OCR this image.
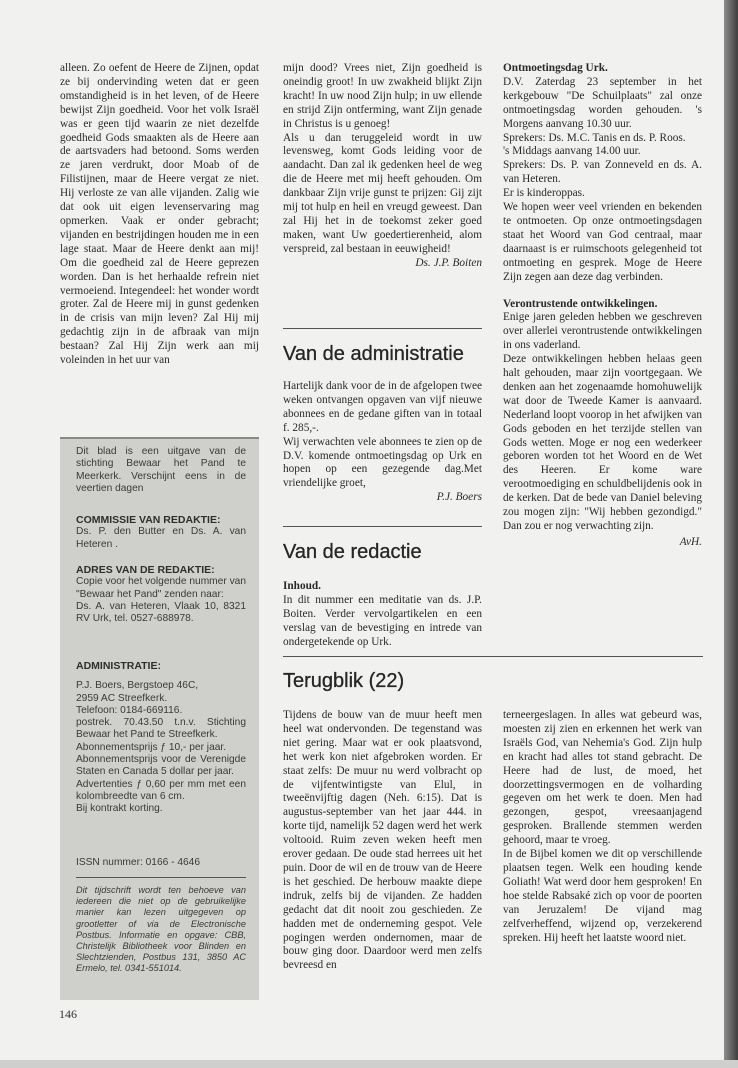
alleen. Zo oefent de Heere de Zijnen, opdat ze bij ondervinding weten dat er geen omstandigheid is in het leven, of de Heere bewijst Zijn goedheid. Voor het volk Israël was er geen tijd waarin ze niet dezelfde goedheid Gods smaakten als de Heere aan de aartsvaders had betoond. Soms werden ze jaren verdrukt, door Moab of de Filistijnen, maar de Heere vergat ze niet. Hij verloste ze van alle vijanden. Zalig wie dat ook uit eigen levenservaring mag opmerken. Vaak er onder gebracht; vijanden en bestrijdingen houden me in een lage staat. Maar de Heere denkt aan mij! Om die goedheid zal de Heere geprezen worden. Dan is het herhaalde refrein niet vermoeiend. Integendeel: het wonder wordt groter. Zal de Heere mij in gunst gedenken in de crisis van mijn leven? Zal Hij mij gedachtig zijn in de afbraak van mijn bestaan? Zal Hij Zijn werk aan mij voleinden in het uur van

mijn dood? Vrees niet, Zijn goedheid is oneindig groot! In uw zwakheid blijkt Zijn kracht! In uw nood Zijn hulp; in uw ellende en strijd Zijn ontferming, want Zijn genade in Christus is u genoeg!

Als u dan teruggeleid wordt in uw levensweg, komt Gods leiding voor de aandacht. Dan zal ik gedenken heel de weg die de Heere met mij heeft gehouden. Om dankbaar Zijn vrije gunst te prijzen: Gij zijt mij tot hulp en heil en vreugd geweest. Dan zal Hij het in de toekomst zeker goed maken, want Uw goedertierenheid, alom verspreid, zal bestaan in eeuwigheid!

Ds. J.P. Boiten

Van de administratie

Hartelijk dank voor de in de afgelopen twee weken ontvangen opgaven van vijf nieuwe abonnees en de gedane giften van in totaal f. 285,-.

Wij verwachten vele abonnees te zien op de D.V. komende ontmoetingsdag op Urk en hopen op een gezegende dag.Met vriendelijke groet,

P.J. Boers

Van de redactie

Inhoud.

In dit nummer een meditatie van ds. J.P. Boiten. Verder vervolgartikelen en een verslag van de bevestiging en intrede van ondergetekende op Urk.

Ontmoetingsdag Urk.

D.V. Zaterdag 23 september in het kerkgebouw "De Schuilplaats" zal onze ontmoetingsdag worden gehouden. 's Morgens aanvang 10.30 uur.

Sprekers: Ds. M.C. Tanis en ds. P. Roos.

's Middags aanvang 14.00 uur.

Sprekers: Ds. P. van Zonneveld en ds. A. van Heteren.

Er is kinderoppas.

We hopen weer veel vrienden en bekenden te ontmoeten. Op onze ontmoetingsdagen staat het Woord van God centraal, maar daarnaast is er ruimschoots gelegenheid tot ontmoeting en gesprek. Moge de Heere Zijn zegen aan deze dag verbinden.

Verontrustende ontwikkelingen.

Enige jaren geleden hebben we geschreven over allerlei verontrustende ontwikkelingen in ons vaderland.

Deze ontwikkelingen hebben helaas geen halt gehouden, maar zijn voortgegaan. We denken aan het zogenaamde homohuwelijk wat door de Tweede Kamer is aanvaard. Nederland loopt voorop in het afwijken van Gods geboden en het terzijde stellen van Gods wetten. Moge er nog een wederkeer geboren worden tot het Woord en de Wet des Heeren. Er kome ware verootmoediging en schuldbelijdenis ook in de kerken. Dat de bede van Daniel beleving zou mogen zijn: "Wij hebben gezondigd." Dan zou er nog verwachting zijn.

AvH.

Terugblik (22)

Tijdens de bouw van de muur heeft men heel wat ondervonden. De tegenstand was niet gering. Maar wat er ook plaatsvond, het werk kon niet afgebroken worden. Er staat zelfs: De muur nu werd volbracht op de vijfentwintigste van Elul, in tweeënvijftig dagen (Neh. 6:15). Dat is augustus-september van het jaar 444. in korte tijd, namelijk 52 dagen werd het werk voltooid. Ruim zeven weken heeft men erover gedaan. De oude stad herrees uit het puin. Door de wil en de trouw van de Heere is het geschied. De herbouw maakte diepe indruk, zelfs bij de vijanden. Ze hadden gedacht dat dit nooit zou geschieden. Ze hadden met de onderneming gespot. Vele pogingen werden ondernomen, maar de bouw ging door. Daardoor werd men zelfs bevreesd en

terneergeslagen. In alles wat gebeurd was, moesten zij zien en erkennen het werk van Israëls God, van Nehemia's God. Zijn hulp en kracht had alles tot stand gebracht. De Heere had de lust, de moed, het doorzettingsvermogen en de volharding gegeven om het werk te doen. Men had gezongen, gespot, vreesaanjagend gesproken. Brallende stemmen werden gehoord, maar te vroeg.

In de Bijbel komen we dit op verschillende plaatsen tegen. Welk een houding kende Goliath! Wat werd door hem gesproken! En hoe stelde Rabsaké zich op voor de poorten van Jeruzalem! De vijand mag zelfverheffend, wijzend op, verzekerend spreken. Hij heeft het laatste woord niet.

Dit blad is een uitgave van de stichting Bewaar het Pand te Meerkerk. Verschijnt eens in de veertien dagen

COMMISSIE VAN REDAKTIE:

Ds. P. den Butter en Ds. A. van Heteren .

ADRES VAN DE REDAKTIE:

Copie voor het volgende nummer van "Bewaar het Pand" zenden naar:

Ds. A. van Heteren, Vlaak 10, 8321 RV Urk, tel. 0527-688978.

ADMINISTRATIE:

P.J. Boers, Bergstoep 46C,

2959 AC Streefkerk.

Telefoon: 0184-669116.

postrek. 70.43.50 t.n.v. Stichting Bewaar het Pand te Streefkerk.

Abonnementsprijs ƒ 10,- per jaar.

Abonnementsprijs voor de Verenigde Staten en Canada 5 dollar per jaar.

Advertenties ƒ 0,60 per mm met een kolombreedte van 6 cm.

Bij kontrakt korting.

ISSN nummer: 0166 - 4646

Dit tijdschrift wordt ten behoeve van iedereen die niet op de gebruikelijke manier kan lezen uitgegeven op grootletter of via de Electronische Postbus. Informatie en opgave: CBB, Christelijk Bibliotheek voor Blinden en Slechtzienden, Postbus 131, 3850 AC Ermelo, tel. 0341-551014.

146
